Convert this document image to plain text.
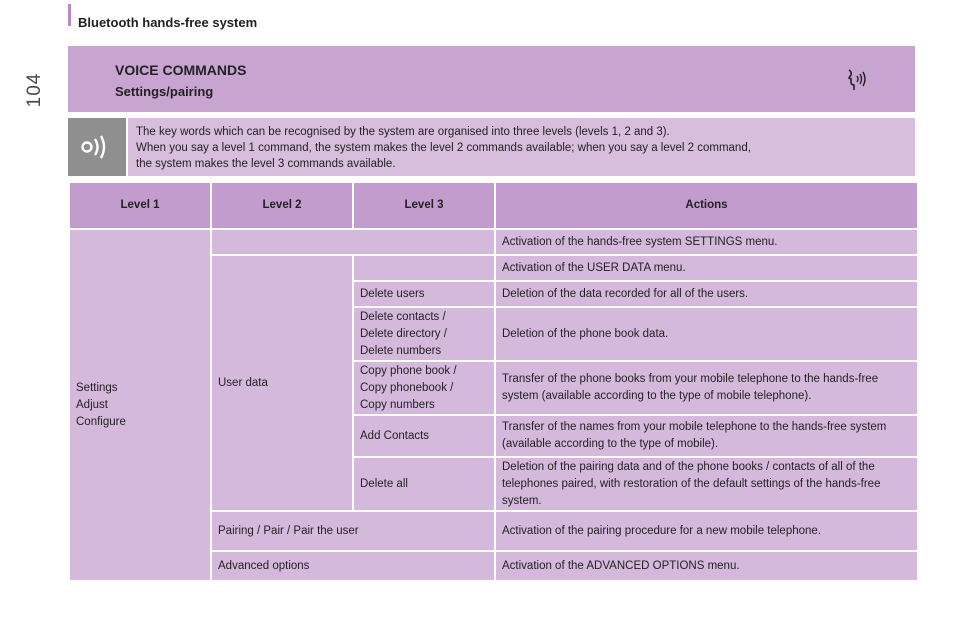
104
Bluetooth hands-free system
VOICE COMMANDS
Settings/pairing

The key words which can be recognised by the system are organised into three levels (levels 1, 2 and 3).

When you say a level 1 command, the system makes the level 2 commands available; when you say a level 2 command,

the system makes the level 3 commands available.

Level 1	Level 2	Level 3	Actions
Settings
Adjust
Configure			Activation of the hands-free system SETTINGS menu.
	User data		Activation of the USER DATA menu.
		Delete users	Deletion of the data recorded for all of the users.
		Delete contacts /
Delete directory /
Delete numbers	Deletion of the phone book data.
		Copy phone book /
Copy phonebook /
Copy numbers	Transfer of the phone books from your mobile telephone to the hands-free system (available according to the type of mobile telephone).
		Add Contacts	Transfer of the names from your mobile telephone to the hands-free system (available according to the type of mobile).
		Delete all	Deletion of the pairing data and of the phone books / contacts of all of the telephones paired, with restoration of the default settings of the hands-free system.
	Pairing / Pair / Pair the user		Activation of the pairing procedure for a new mobile telephone.
	Advanced options		Activation of the ADVANCED OPTIONS menu.
